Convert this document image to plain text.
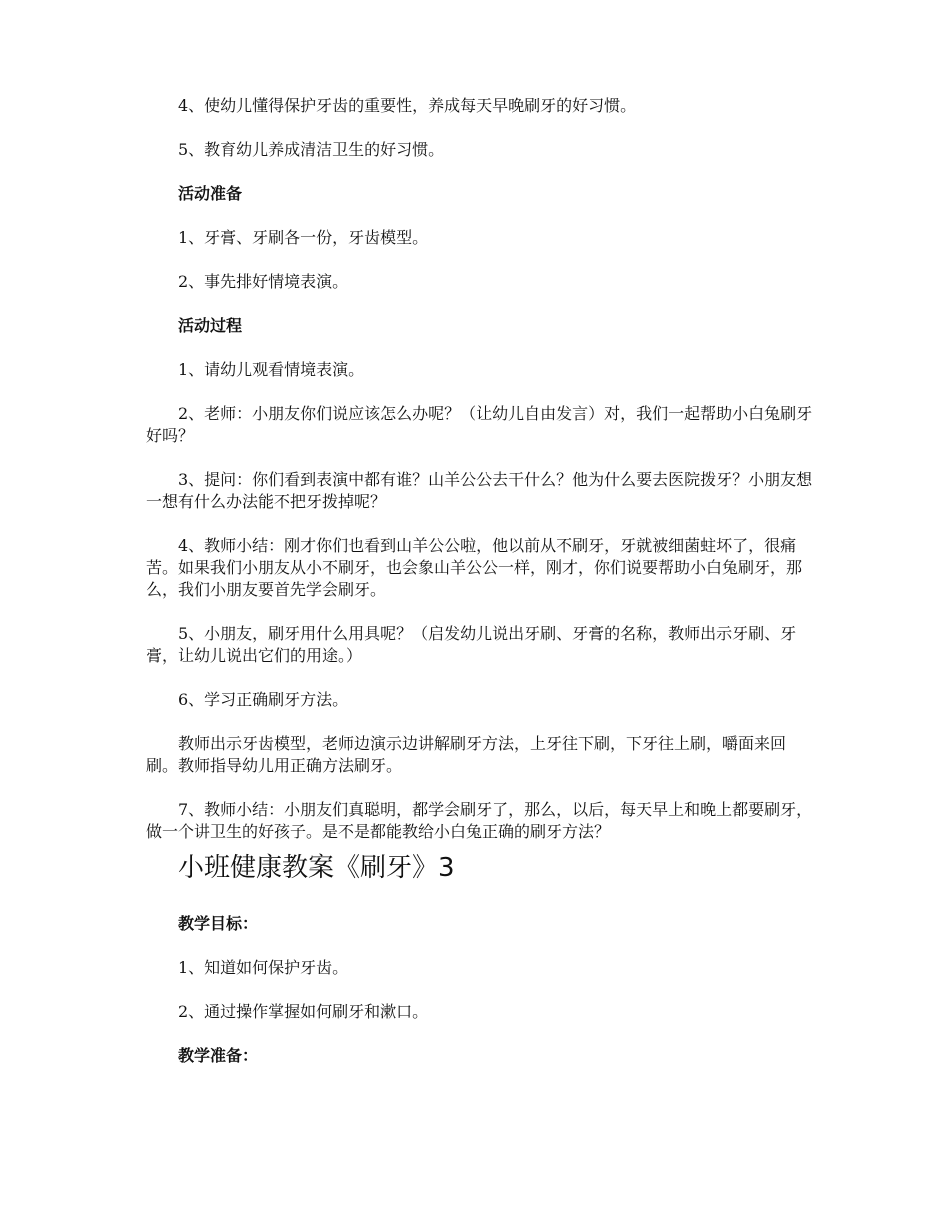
4、使幼儿懂得保护牙齿的重要性，养成每天早晚刷牙的好习惯。

5、教育幼儿养成清洁卫生的好习惯。

活动准备

1、牙膏、牙刷各一份，牙齿模型。

2、事先排好情境表演。

活动过程

1、请幼儿观看情境表演。

2、老师：小朋友你们说应该怎么办呢？（让幼儿自由发言）对，我们一起帮助小白兔刷牙好吗？

3、提问：你们看到表演中都有谁？山羊公公去干什么？他为什么要去医院拨牙？小朋友想一想有什么办法能不把牙拨掉呢？

4、教师小结：刚才你们也看到山羊公公啦，他以前从不刷牙，牙就被细菌蛀坏了，很痛苦。如果我们小朋友从小不刷牙，也会象山羊公公一样，刚才，你们说要帮助小白兔刷牙，那么，我们小朋友要首先学会刷牙。

5、小朋友，刷牙用什么用具呢？（启发幼儿说出牙刷、牙膏的名称，教师出示牙刷、牙膏，让幼儿说出它们的用途。）

6、学习正确刷牙方法。

教师出示牙齿模型，老师边演示边讲解刷牙方法，上牙往下刷，下牙往上刷，嚼面来回刷。教师指导幼儿用正确方法刷牙。

7、教师小结：小朋友们真聪明，都学会刷牙了，那么，以后，每天早上和晚上都要刷牙，做一个讲卫生的好孩子。是不是都能教给小白兔正确的刷牙方法？

小班健康教案《刷牙》3

教学目标：

1、知道如何保护牙齿。

2、通过操作掌握如何刷牙和漱口。

教学准备：
